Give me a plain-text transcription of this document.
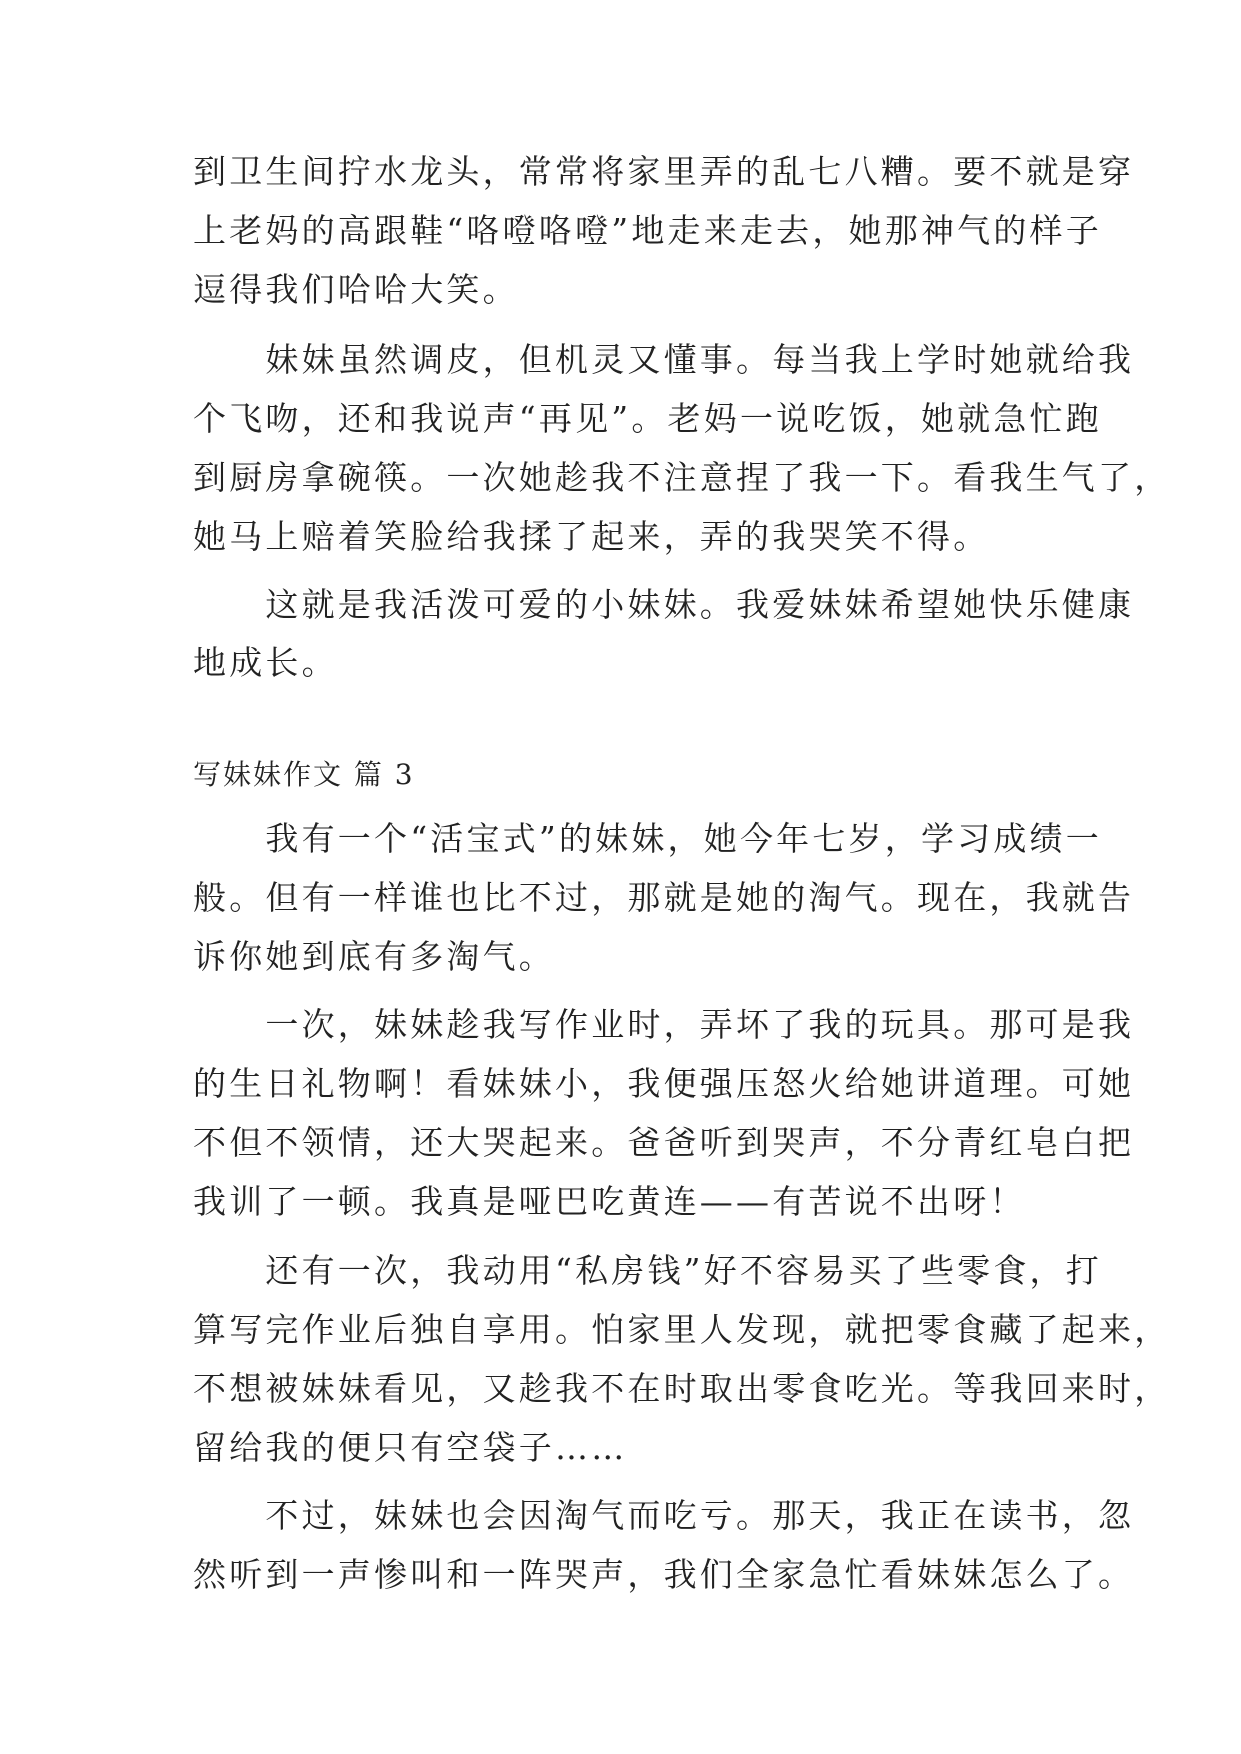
到卫生间拧水龙头，常常将家里弄的乱七八糟。要不就是穿
上老妈的高跟鞋“咯噔咯噔”地走来走去，她那神气的样子
逗得我们哈哈大笑。
　　妹妹虽然调皮，但机灵又懂事。每当我上学时她就给我
个飞吻，还和我说声“再见”。老妈一说吃饭，她就急忙跑
到厨房拿碗筷。一次她趁我不注意捏了我一下。看我生气了，
她马上赔着笑脸给我揉了起来，弄的我哭笑不得。
　　这就是我活泼可爱的小妹妹。我爱妹妹希望她快乐健康
地成长。
写妹妹作文 篇 3
　　我有一个“活宝式”的妹妹，她今年七岁，学习成绩一
般。但有一样谁也比不过，那就是她的淘气。现在，我就告
诉你她到底有多淘气。
　　一次，妹妹趁我写作业时，弄坏了我的玩具。那可是我
的生日礼物啊！看妹妹小，我便强压怒火给她讲道理。可她
不但不领情，还大哭起来。爸爸听到哭声，不分青红皂白把
我训了一顿。我真是哑巴吃黄连——有苦说不出呀！
　　还有一次，我动用“私房钱”好不容易买了些零食，打
算写完作业后独自享用。怕家里人发现，就把零食藏了起来，
不想被妹妹看见，又趁我不在时取出零食吃光。等我回来时，
留给我的便只有空袋子……
　　不过，妹妹也会因淘气而吃亏。那天，我正在读书，忽
然听到一声惨叫和一阵哭声，我们全家急忙看妹妹怎么了。
